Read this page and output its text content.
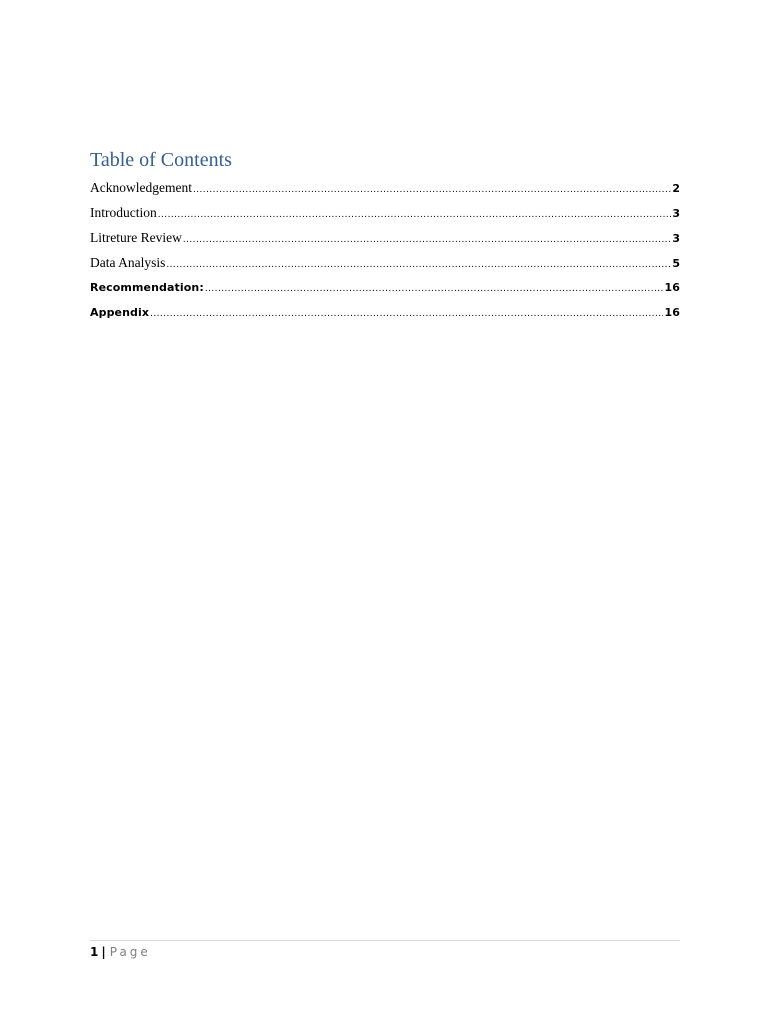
Table of Contents
Acknowledgement .....	2
Introduction .....	3
Litreture Review .....	3
Data Analysis .....	5
Recommendation: .....	16
Appendix .....	16
1 | Page
